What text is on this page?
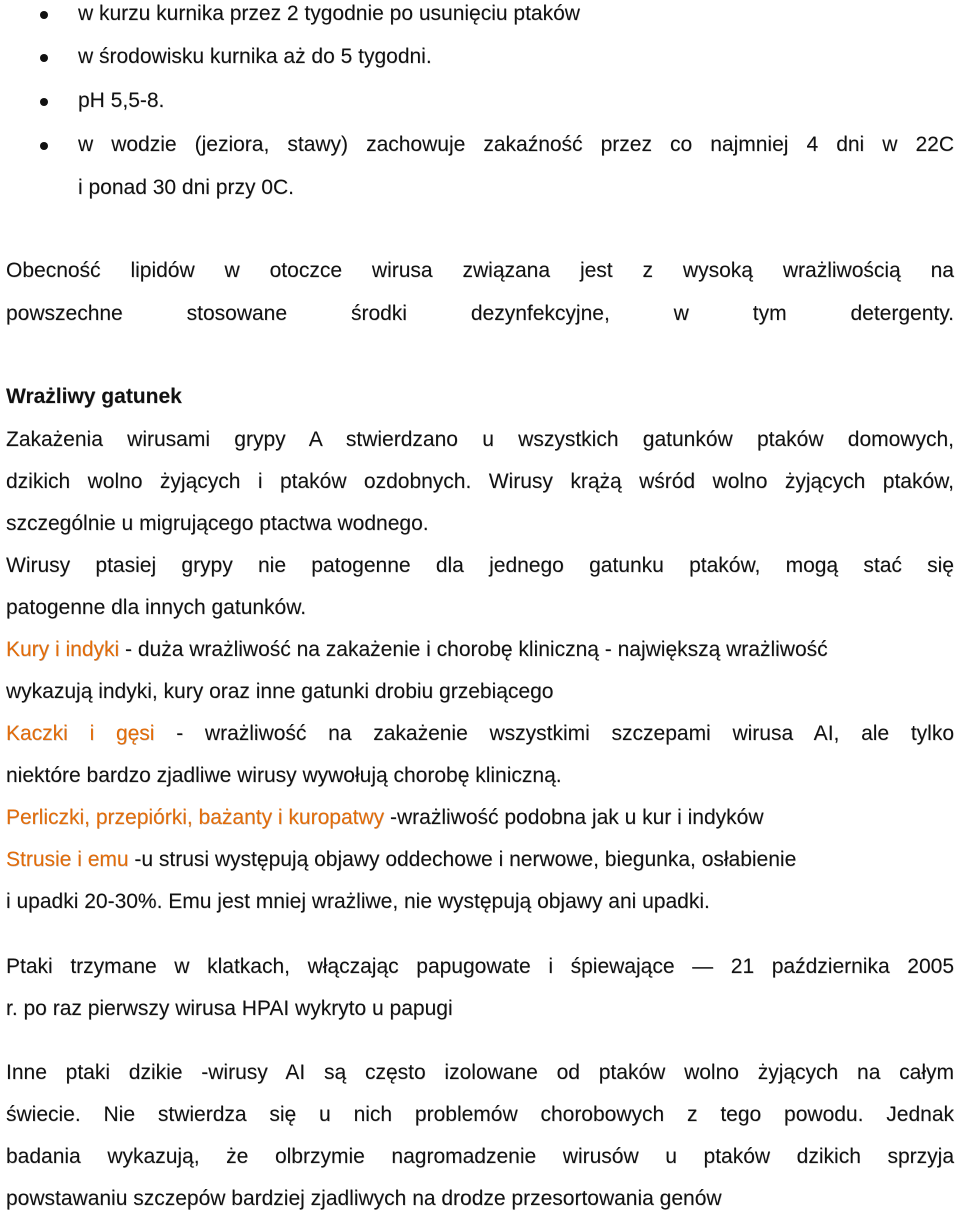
w kurzu kurnika przez 2 tygodnie po usunięciu ptaków
w środowisku kurnika aż do 5 tygodni.
pH 5,5-8.
w wodzie (jeziora, stawy) zachowuje zakaźność przez co najmniej 4 dni w 22C
i ponad 30 dni przy 0C.
Obecność lipidów w otoczce wirusa związana jest z wysoką wrażliwością na
powszechne stosowane środki dezynfekcyjne, w tym detergenty.
Wrażliwy gatunek
Zakażenia wirusami grypy A stwierdzano u wszystkich gatunków ptaków domowych,
dzikich wolno żyjących i ptaków ozdobnych. Wirusy krążą wśród wolno żyjących ptaków,
szczególnie u migrującego ptactwa wodnego.
Wirusy ptasiej grypy nie patogenne dla jednego gatunku ptaków, mogą stać się
patogenne dla innych gatunków.
Kury i indyki - duża wrażliwość na zakażenie i chorobę kliniczną - największą wrażliwość
wykazują indyki, kury oraz inne gatunki drobiu grzebiącego
Kaczki i gęsi - wrażliwość na zakażenie wszystkimi szczepami wirusa AI, ale tylko
niektóre bardzo zjadliwe wirusy wywołują chorobę kliniczną.
Perliczki, przepiórki, bażanty i kuropatwy -wrażliwość podobna jak u kur i indyków
Strusie i emu -u strusi występują objawy oddechowe i nerwowe, biegunka, osłabienie
i upadki 20-30%. Emu jest mniej wrażliwe, nie występują objawy ani upadki.
Ptaki trzymane w klatkach, włączając papugowate i śpiewające — 21 października 2005
r. po raz pierwszy wirusa HPAI wykryto u papugi
Inne ptaki dzikie -wirusy AI są często izolowane od ptaków wolno żyjących na całym
świecie. Nie stwierdza się u nich problemów chorobowych z tego powodu. Jednak
badania wykazują, że olbrzymie nagromadzenie wirusów u ptaków dzikich sprzyja
powstawaniu szczepów bardziej zjadliwych na drodze przesortowania genów
